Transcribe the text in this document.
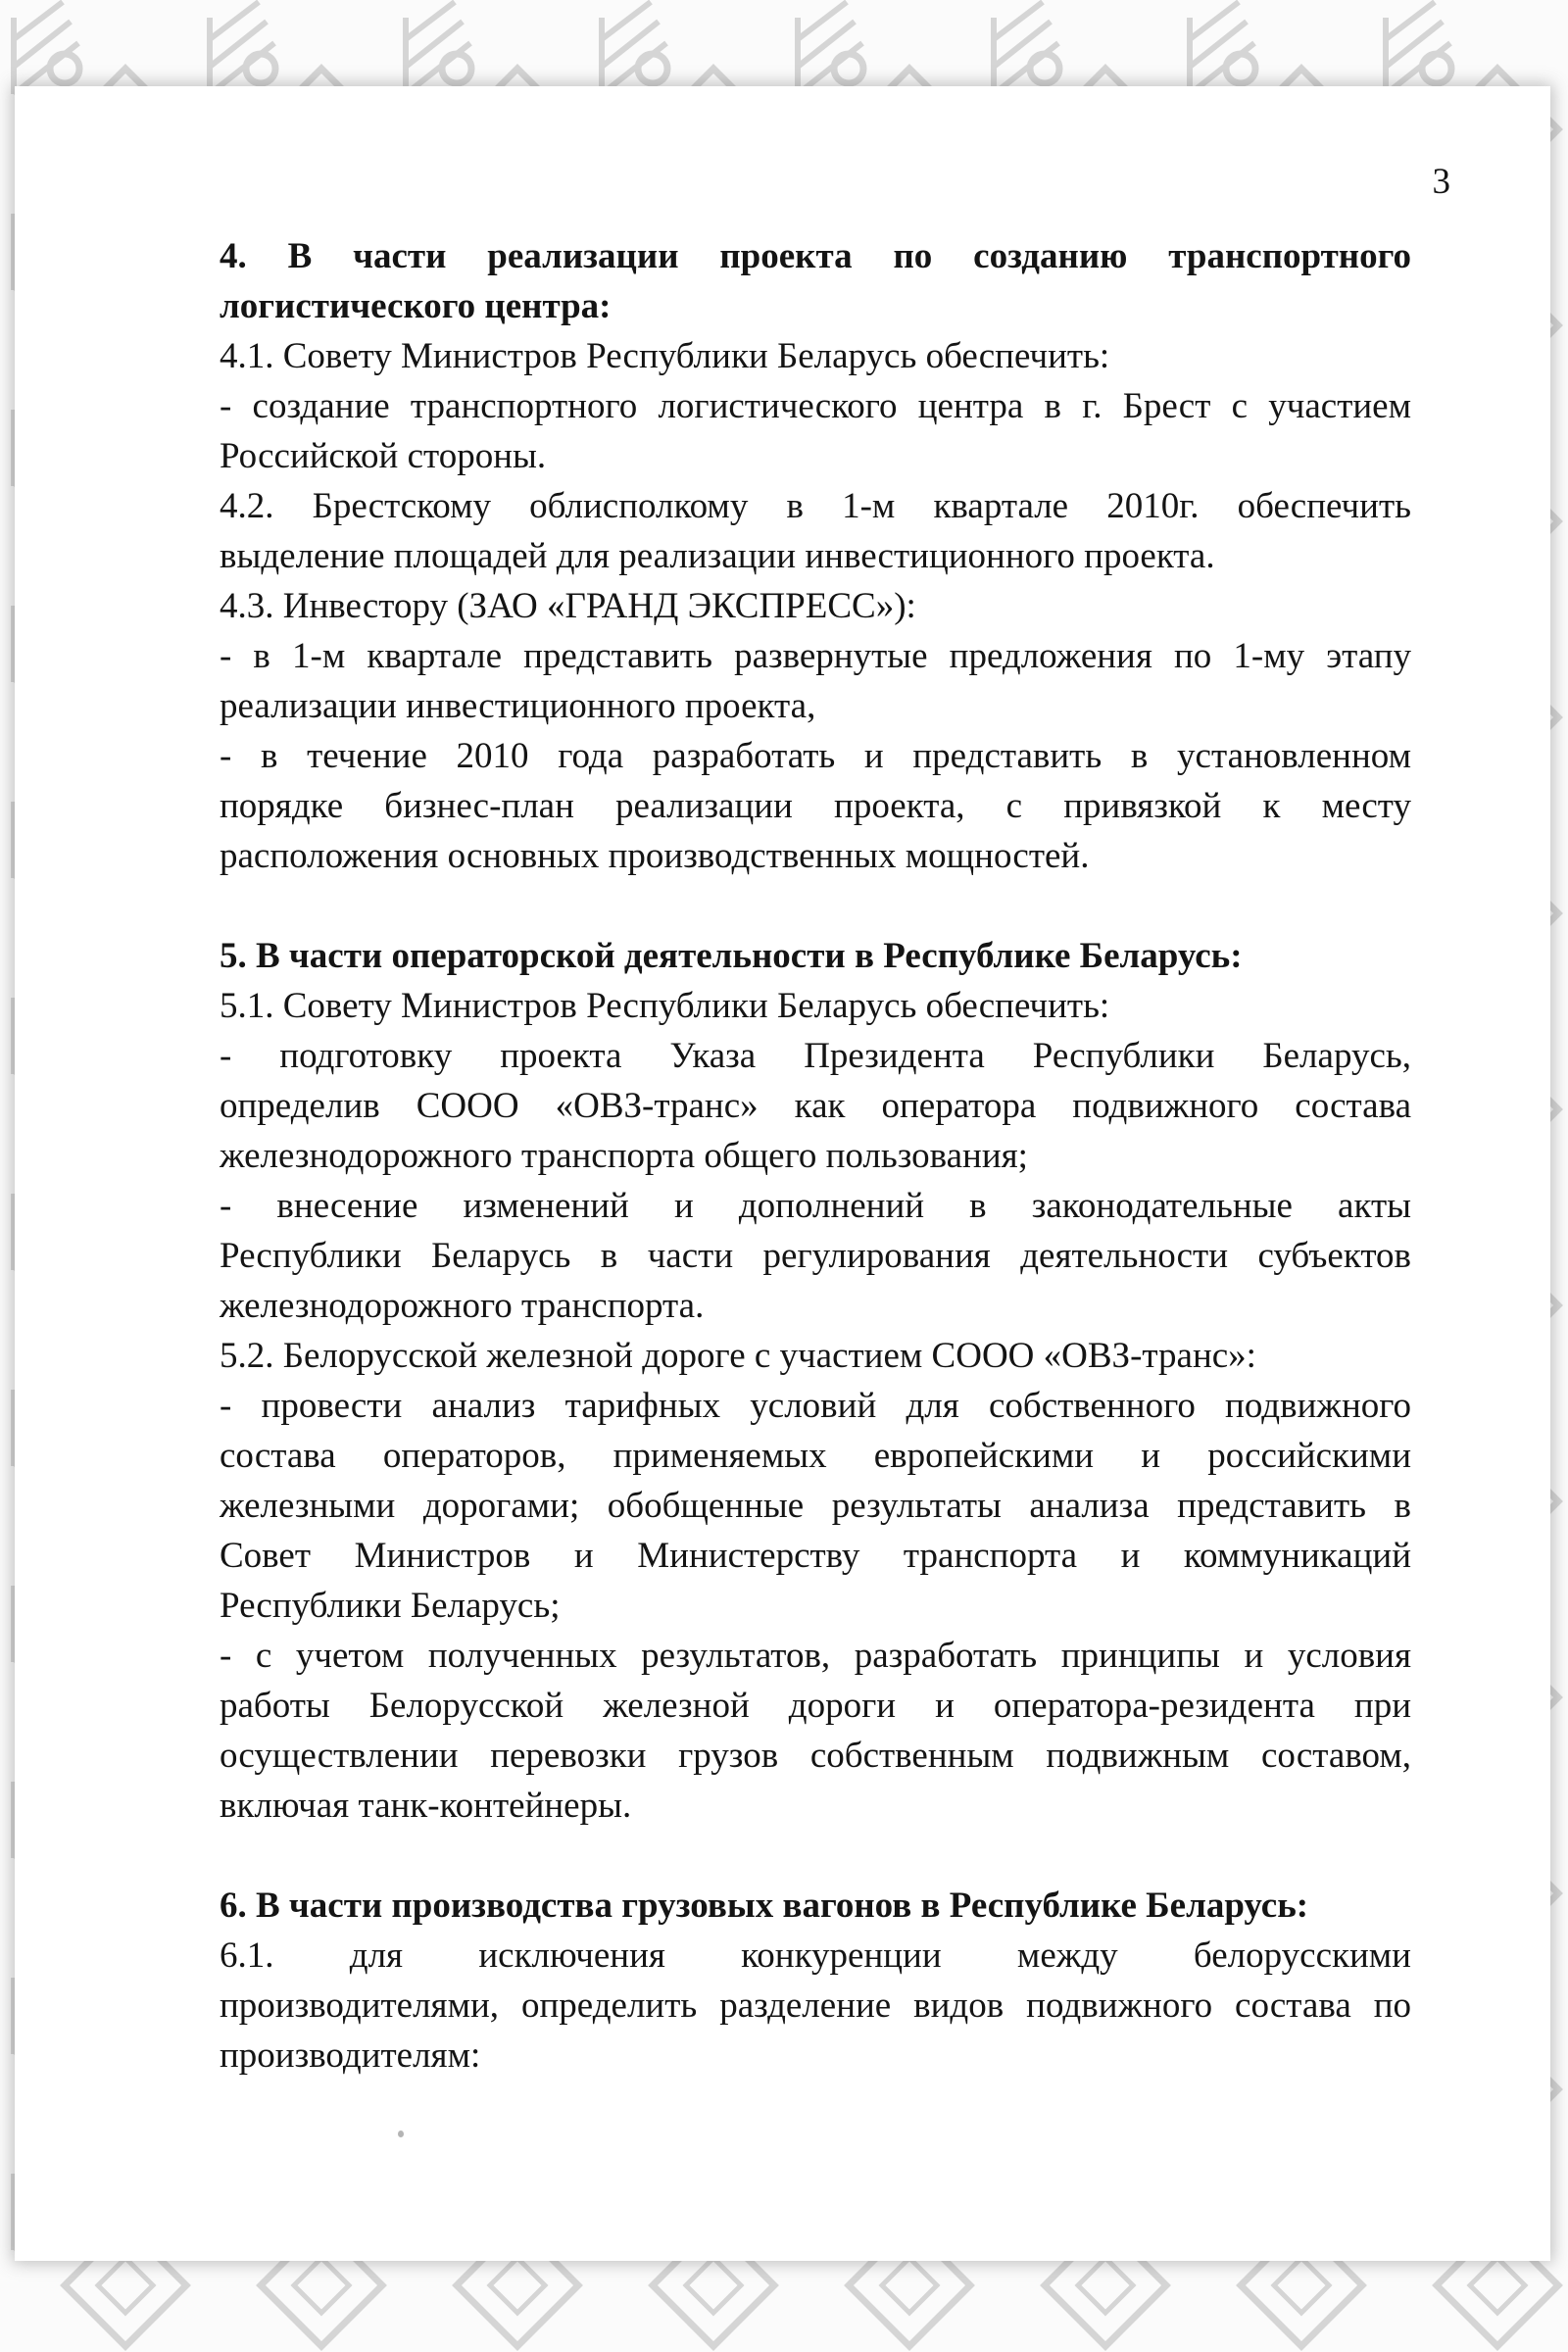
3
4. В части реализации проекта по созданию транспортного
логистического центра:
4.1. Совету Министров Республики Беларусь обеспечить:
- создание транспортного логистического центра в г. Брест с участием
Российской стороны.
4.2. Брестскому облисполкому в 1-м квартале 2010г. обеспечить
выделение площадей для реализации инвестиционного проекта.
4.3. Инвестору (ЗАО «ГРАНД ЭКСПРЕСС»):
- в 1-м квартале представить развернутые предложения по 1-му этапу
реализации инвестиционного проекта,
- в течение 2010 года разработать и представить в установленном
порядке бизнес-план реализации проекта, с привязкой к месту
расположения основных производственных мощностей.
5. В части операторской деятельности в Республике Беларусь:
5.1. Совету Министров Республики Беларусь обеспечить:
- подготовку проекта Указа Президента Республики Беларусь,
определив СООО «ОВЗ-транс» как оператора подвижного состава
железнодорожного транспорта общего пользования;
- внесение изменений и дополнений в законодательные акты
Республики Беларусь в части регулирования деятельности субъектов
железнодорожного транспорта.
5.2. Белорусской железной дороге с участием СООО «ОВЗ-транс»:
- провести анализ тарифных условий для собственного подвижного
состава операторов, применяемых европейскими и российскими
железными дорогами; обобщенные результаты анализа представить в
Совет Министров и Министерству транспорта и коммуникаций
Республики Беларусь;
- с учетом полученных результатов, разработать принципы и условия
работы Белорусской железной дороги и оператора-резидента при
осуществлении перевозки грузов собственным подвижным составом,
включая танк-контейнеры.
6. В части производства грузовых вагонов в Республике Беларусь:
6.1. для исключения конкуренции между белорусскими
производителями, определить разделение видов подвижного состава по
производителям:
